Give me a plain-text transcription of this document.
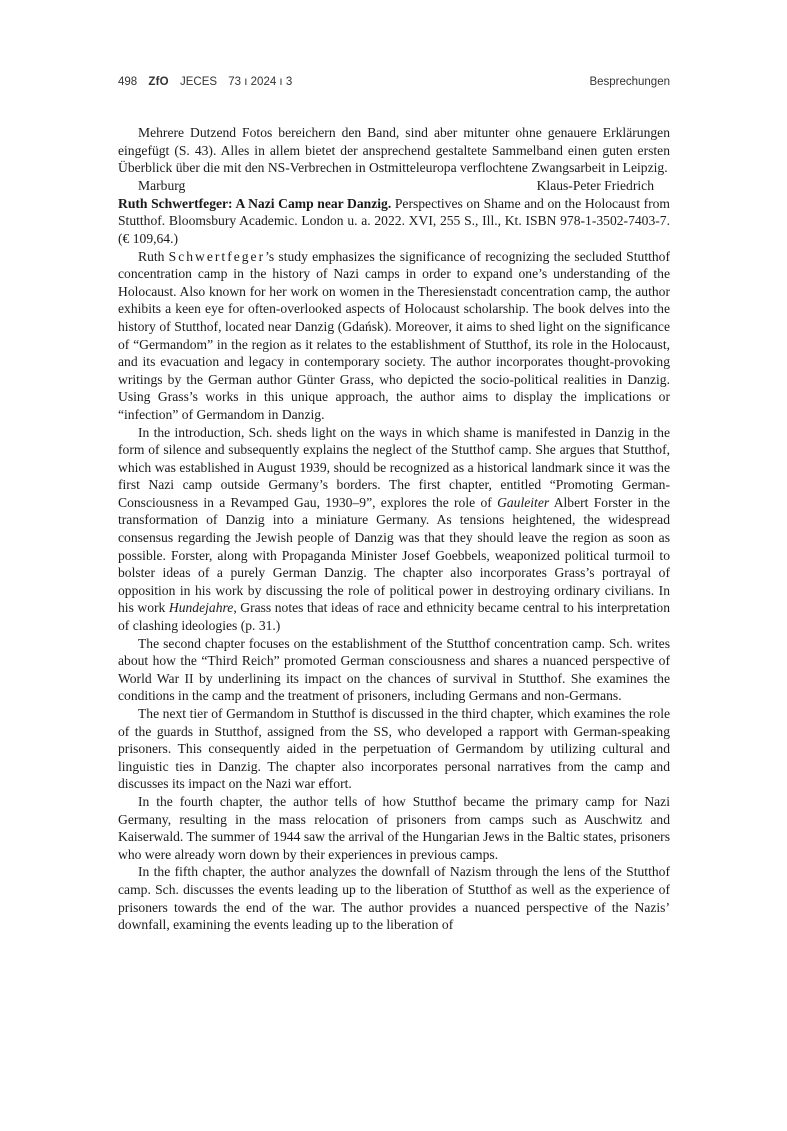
498 ZfO JECES 73 ı 2024 ı 3	Besprechungen

Mehrere Dutzend Fotos bereichern den Band, sind aber mitunter ohne genauere Erklärungen eingefügt (S. 43). Alles in allem bietet der ansprechend gestaltete Sammelband einen guten ersten Überblick über die mit den NS-Verbrechen in Ostmitteleuropa verflochtene Zwangsarbeit in Leipzig.

Marburg	Klaus-Peter Friedrich

Ruth Schwertfeger: A Nazi Camp near Danzig. Perspectives on Shame and on the Holocaust from Stutthof. Bloomsbury Academic. London u. a. 2022. XVI, 255 S., Ill., Kt. ISBN 978-1-3502-7403-7. (€ 109,64.)

Ruth Schwertfeger’s study emphasizes the significance of recognizing the secluded Stutthof concentration camp in the history of Nazi camps in order to expand one’s understanding of the Holocaust. Also known for her work on women in the Theresienstadt concentration camp, the author exhibits a keen eye for often-overlooked aspects of Holocaust scholarship. The book delves into the history of Stutthof, located near Danzig (Gdańsk). Moreover, it aims to shed light on the significance of “Germandom” in the region as it relates to the establishment of Stutthof, its role in the Holocaust, and its evacuation and legacy in contemporary society. The author incorporates thought-provoking writings by the German author Günter Grass, who depicted the socio-political realities in Danzig. Using Grass’s works in this unique approach, the author aims to display the implications or “infection” of Germandom in Danzig.

In the introduction, Sch. sheds light on the ways in which shame is manifested in Danzig in the form of silence and subsequently explains the neglect of the Stutthof camp. She argues that Stutthof, which was established in August 1939, should be recognized as a historical landmark since it was the first Nazi camp outside Germany’s borders. The first chapter, entitled “Promoting German-Consciousness in a Revamped Gau, 1930–9”, explores the role of Gauleiter Albert Forster in the transformation of Danzig into a miniature Germany. As tensions heightened, the widespread consensus regarding the Jewish people of Danzig was that they should leave the region as soon as possible. Forster, along with Propaganda Minister Josef Goebbels, weaponized political turmoil to bolster ideas of a purely German Danzig. The chapter also incorporates Grass’s portrayal of opposition in his work by discussing the role of political power in destroying ordinary civilians. In his work Hundejahre, Grass notes that ideas of race and ethnicity became central to his interpretation of clashing ideologies (p. 31.)

The second chapter focuses on the establishment of the Stutthof concentration camp. Sch. writes about how the “Third Reich” promoted German consciousness and shares a nuanced perspective of World War II by underlining its impact on the chances of survival in Stutthof. She examines the conditions in the camp and the treatment of prisoners, including Germans and non-Germans.

The next tier of Germandom in Stutthof is discussed in the third chapter, which examines the role of the guards in Stutthof, assigned from the SS, who developed a rapport with German-speaking prisoners. This consequently aided in the perpetuation of Germandom by utilizing cultural and linguistic ties in Danzig. The chapter also incorporates personal narratives from the camp and discusses its impact on the Nazi war effort.

In the fourth chapter, the author tells of how Stutthof became the primary camp for Nazi Germany, resulting in the mass relocation of prisoners from camps such as Auschwitz and Kaiserwald. The summer of 1944 saw the arrival of the Hungarian Jews in the Baltic states, prisoners who were already worn down by their experiences in previous camps.

In the fifth chapter, the author analyzes the downfall of Nazism through the lens of the Stutthof camp. Sch. discusses the events leading up to the liberation of Stutthof as well as the experience of prisoners towards the end of the war. The author provides a nuanced perspective of the Nazis’ downfall, examining the events leading up to the liberation of
